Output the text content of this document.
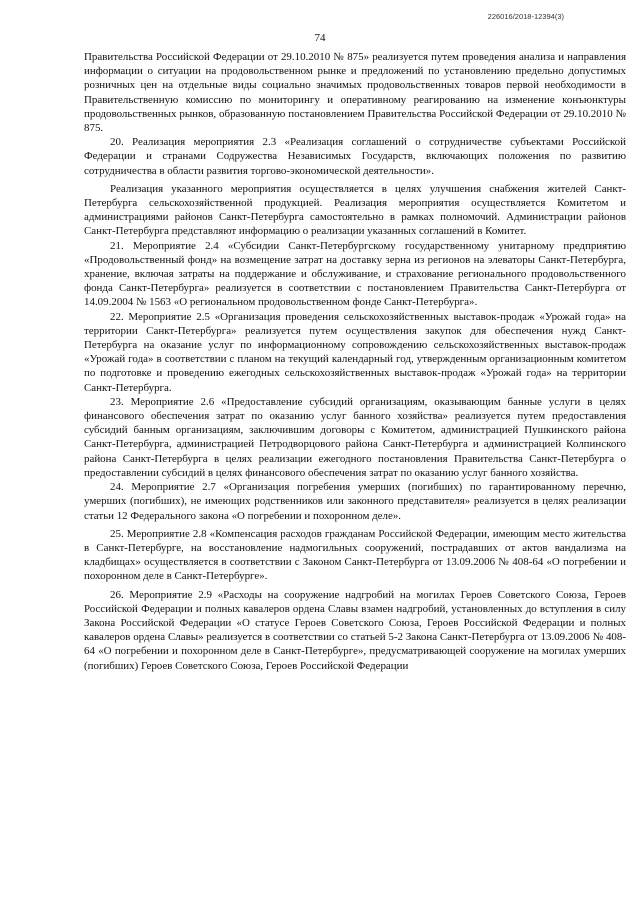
226016/2018-12394(3)
74

Правительства Российской Федерации от 29.10.2010 № 875» реализуется путем проведения анализа и направления информации о ситуации на продовольственном рынке и предложений по установлению предельно допустимых розничных цен на отдельные виды социально значимых продовольственных товаров первой необходимости в Правительственную комиссию по мониторингу и оперативному реагированию на изменение конъюнктуры продовольственных рынков, образованную постановлением Правительства Российской Федерации от 29.10.2010 № 875.

20. Реализация мероприятия 2.3 «Реализация соглашений о сотрудничестве субъектами Российской Федерации и странами Содружества Независимых Государств, включающих положения по развитию сотрудничества в области развития торгово-экономической деятельности».

Реализация указанного мероприятия осуществляется в целях улучшения снабжения жителей Санкт-Петербурга сельскохозяйственной продукцией. Реализация мероприятия осуществляется Комитетом и администрациями районов Санкт-Петербурга самостоятельно в рамках полномочий. Администрации районов Санкт-Петербурга представляют информацию о реализации указанных соглашений в Комитет.

21. Мероприятие 2.4 «Субсидии Санкт-Петербургскому государственному унитарному предприятию «Продовольственный фонд» на возмещение затрат на доставку зерна из регионов на элеваторы Санкт-Петербурга, хранение, включая затраты на поддержание и обслуживание, и страхование регионального продовольственного фонда Санкт-Петербурга» реализуется в соответствии с постановлением Правительства Санкт-Петербурга от 14.09.2004 № 1563 «О региональном продовольственном фонде Санкт-Петербурга».

22. Мероприятие 2.5 «Организация проведения сельскохозяйственных выставок-продаж «Урожай года» на территории Санкт-Петербурга» реализуется путем осуществления закупок для обеспечения нужд Санкт-Петербурга на оказание услуг по информационному сопровождению сельскохозяйственных выставок-продаж «Урожай года» в соответствии с планом на текущий календарный год, утвержденным организационным комитетом по подготовке и проведению ежегодных сельскохозяйственных выставок-продаж «Урожай года» на территории Санкт-Петербурга.

23. Мероприятие 2.6 «Предоставление субсидий организациям, оказывающим банные услуги в целях финансового обеспечения затрат по оказанию услуг банного хозяйства» реализуется путем предоставления субсидий банным организациям, заключившим договоры с Комитетом, администрацией Пушкинского района Санкт-Петербурга, администрацией Петродворцового района Санкт-Петербурга и администрацией Колпинского района Санкт-Петербурга в целях реализации ежегодного постановления Правительства Санкт-Петербурга о предоставлении субсидий в целях финансового обеспечения затрат по оказанию услуг банного хозяйства.

24. Мероприятие 2.7 «Организация погребения умерших (погибших) по гарантированному перечню, умерших (погибших), не имеющих родственников или законного представителя» реализуется в целях реализации статьи 12 Федерального закона «О погребении и похоронном деле».

25. Мероприятие 2.8 «Компенсация расходов гражданам Российской Федерации, имеющим место жительства в Санкт-Петербурге, на восстановление надмогильных сооружений, пострадавших от актов вандализма на кладбищах» осуществляется в соответствии с Законом Санкт-Петербурга от 13.09.2006 № 408-64 «О погребении и похоронном деле в Санкт-Петербурге».

26. Мероприятие 2.9 «Расходы на сооружение надгробий на могилах Героев Советского Союза, Героев Российской Федерации и полных кавалеров ордена Славы взамен надгробий, установленных до вступления в силу Закона Российской Федерации «О статусе Героев Советского Союза, Героев Российской Федерации и полных кавалеров ордена Славы» реализуется в соответствии со статьей 5-2 Закона Санкт-Петербурга от 13.09.2006 № 408-64 «О погребении и похоронном деле в Санкт-Петербурге», предусматривающей сооружение на могилах умерших (погибших) Героев Советского Союза, Героев Российской Федерации
